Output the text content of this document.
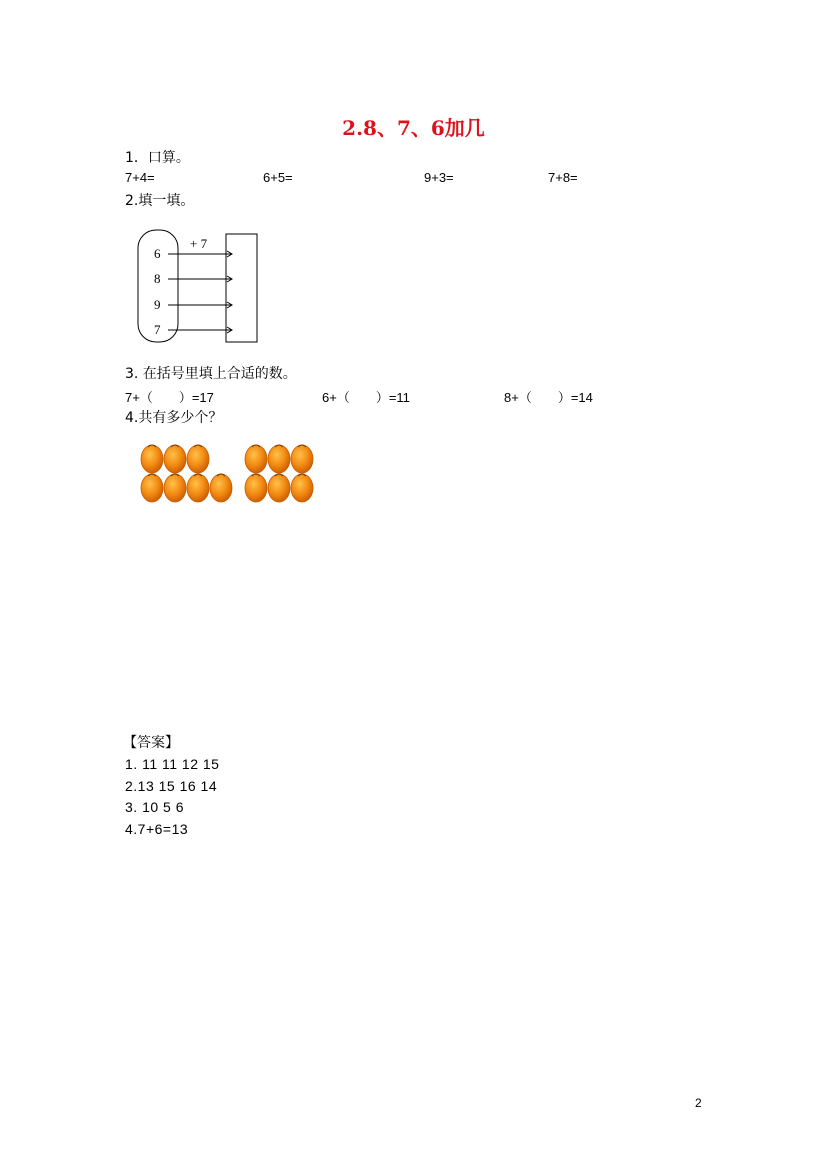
2.8、7、6加几
1．口算。
7+4=	6+5=	9+3=	7+8=
2.填一填。
+ 7
6
8
9
7
3. 在括号里填上合适的数。
7+（　　）=17	6+（　　）=11	8+（　　）=14
4.共有多少个？
【答案】
1. 11 11 12 15
2.13 15 16 14
3. 10 5 6
4.7+6=13
2
